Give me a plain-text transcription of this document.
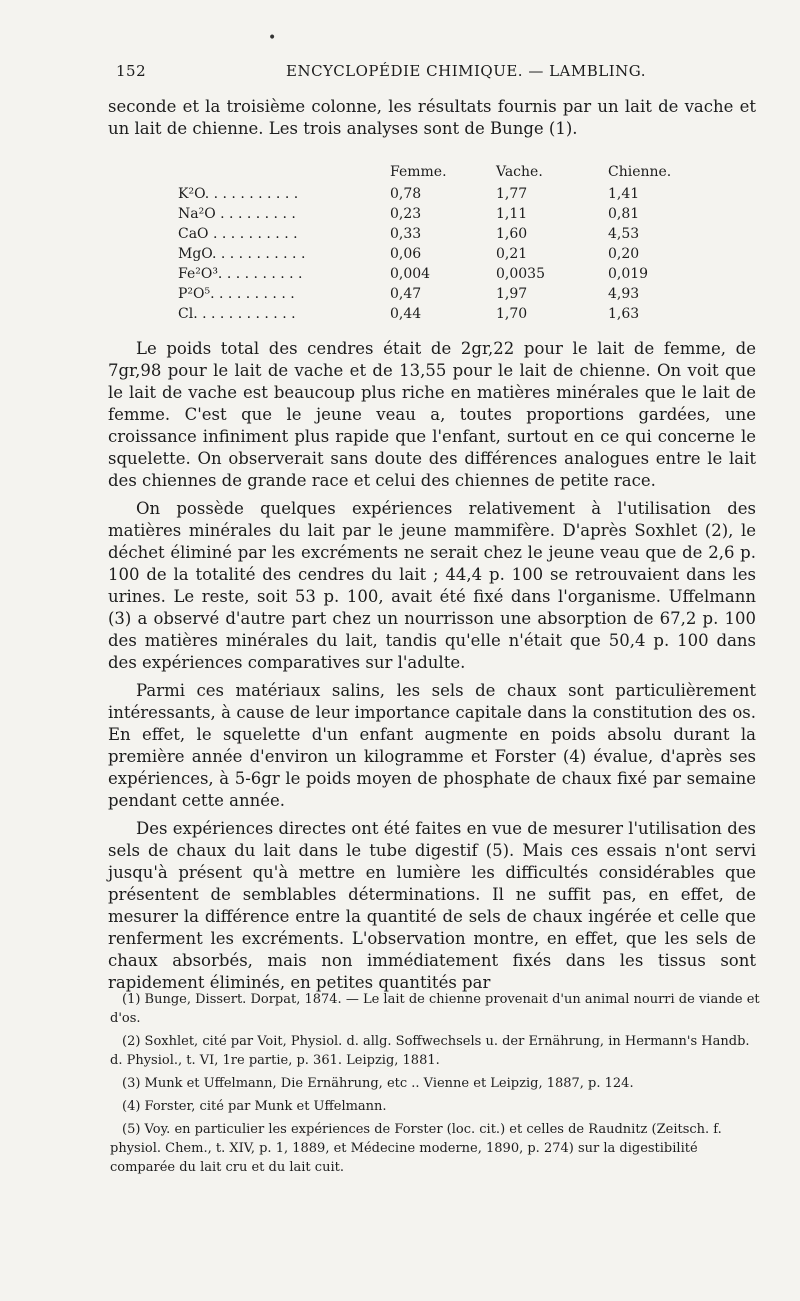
•
152	ENCYCLOPÉDIE CHIMIQUE. — LAMBLING.

seconde et la troisième colonne, les résultats fournis par un lait de vache et un lait de chienne. Les trois analyses sont de Bunge (1).

Femme.	Vache.	Chienne.
K²O. . . . . . . . . . .	0,78	1,77	1,41
Na²O . . . . . . . . .	0,23	1,11	0,81
CaO . . . . . . . . . .	0,33	1,60	4,53
MgO. . . . . . . . . . .	0,06	0,21	0,20
Fe²O³. . . . . . . . . .	0,004	0,0035	0,019
P²O⁵. . . . . . . . . .	0,47	1,97	4,93
Cl. . . . . . . . . . . .	0,44	1,70	1,63

Le poids total des cendres était de 2gr,22 pour le lait de femme, de 7gr,98 pour le lait de vache et de 13,55 pour le lait de chienne. On voit que le lait de vache est beaucoup plus riche en matières minérales que le lait de femme. C'est que le jeune veau a, toutes proportions gardées, une croissance infiniment plus rapide que l'enfant, surtout en ce qui concerne le squelette. On observerait sans doute des différences analogues entre le lait des chiennes de grande race et celui des chiennes de petite race.

On possède quelques expériences relativement à l'utilisation des matières minérales du lait par le jeune mammifère. D'après Soxhlet (2), le déchet éliminé par les excréments ne serait chez le jeune veau que de 2,6 p. 100 de la totalité des cendres du lait ; 44,4 p. 100 se retrouvaient dans les urines. Le reste, soit 53 p. 100, avait été fixé dans l'organisme. Uffelmann (3) a observé d'autre part chez un nourrisson une absorption de 67,2 p. 100 des matières minérales du lait, tandis qu'elle n'était que 50,4 p. 100 dans des expériences comparatives sur l'adulte.

Parmi ces matériaux salins, les sels de chaux sont particulièrement intéressants, à cause de leur importance capitale dans la constitution des os. En effet, le squelette d'un enfant augmente en poids absolu durant la première année d'environ un kilogramme et Forster (4) évalue, d'après ses expériences, à 5-6gr le poids moyen de phosphate de chaux fixé par semaine pendant cette année.

Des expériences directes ont été faites en vue de mesurer l'utilisation des sels de chaux du lait dans le tube digestif (5). Mais ces essais n'ont servi jusqu'à présent qu'à mettre en lumière les difficultés considérables que présentent de semblables déterminations. Il ne suffit pas, en effet, de mesurer la différence entre la quantité de sels de chaux ingérée et celle que renferment les excréments. L'observation montre, en effet, que les sels de chaux absorbés, mais non immédiatement fixés dans les tissus sont rapidement éliminés, en petites quantités par

(1) Bunge, Dissert. Dorpat, 1874. — Le lait de chienne provenait d'un animal nourri de viande et d'os.
(2) Soxhlet, cité par Voit, Physiol. d. allg. Soffwechsels u. der Ernährung, in Hermann's Handb. d. Physiol., t. VI, 1re partie, p. 361. Leipzig, 1881.
(3) Munk et Uffelmann, Die Ernährung, etc .. Vienne et Leipzig, 1887, p. 124.
(4) Forster, cité par Munk et Uffelmann.
(5) Voy. en particulier les expériences de Forster (loc. cit.) et celles de Raudnitz (Zeitsch. f. physiol. Chem., t. XIV, p. 1, 1889, et Médecine moderne, 1890, p. 274) sur la digestibilité comparée du lait cru et du lait cuit.
